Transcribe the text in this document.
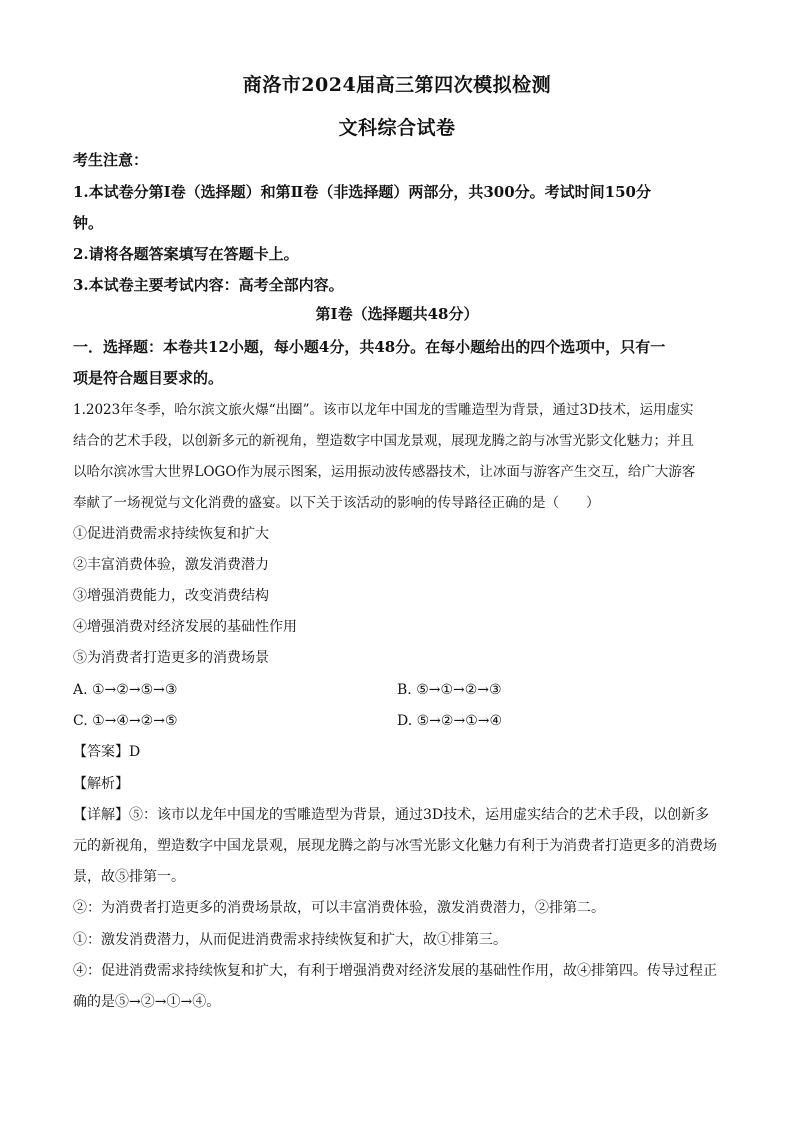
商洛市2024届高三第四次模拟检测
文科综合试卷
考生注意：
1.本试卷分第Ⅰ卷（选择题）和第Ⅱ卷（非选择题）两部分，共300分。考试时间150分
钟。
2.请将各题答案填写在答题卡上。
3.本试卷主要考试内容：高考全部内容。
第Ⅰ卷（选择题共48分）
一．选择题：本卷共12小题，每小题4分，共48分。在每小题给出的四个选项中，只有一
项是符合题目要求的。
1.2023年冬季，哈尔滨文旅火爆“出圈”。该市以龙年中国龙的雪雕造型为背景，通过3D技术，运用虚实
结合的艺术手段，以创新多元的新视角，塑造数字中国龙景观，展现龙腾之韵与冰雪光影文化魅力；并且
以哈尔滨冰雪大世界LOGO作为展示图案，运用振动波传感器技术，让冰面与游客产生交互，给广大游客
奉献了一场视觉与文化消费的盛宴。以下关于该活动的影响的传导路径正确的是（　　）
①促进消费需求持续恢复和扩大
②丰富消费体验，激发消费潜力
③增强消费能力，改变消费结构
④增强消费对经济发展的基础性作用
⑤为消费者打造更多的消费场景
A. ①→②→⑤→③	B. ⑤→①→②→③
C. ①→④→②→⑤	D. ⑤→②→①→④
【答案】D
【解析】
【详解】⑤：该市以龙年中国龙的雪雕造型为背景，通过3D技术，运用虚实结合的艺术手段，以创新多
元的新视角，塑造数字中国龙景观，展现龙腾之韵与冰雪光影文化魅力有利于为消费者打造更多的消费场
景，故⑤排第一。
②：为消费者打造更多的消费场景故，可以丰富消费体验，激发消费潜力，②排第二。
①：激发消费潜力，从而促进消费需求持续恢复和扩大，故①排第三。
④：促进消费需求持续恢复和扩大，有利于增强消费对经济发展的基础性作用，故④排第四。传导过程正
确的是⑤→②→①→④。
